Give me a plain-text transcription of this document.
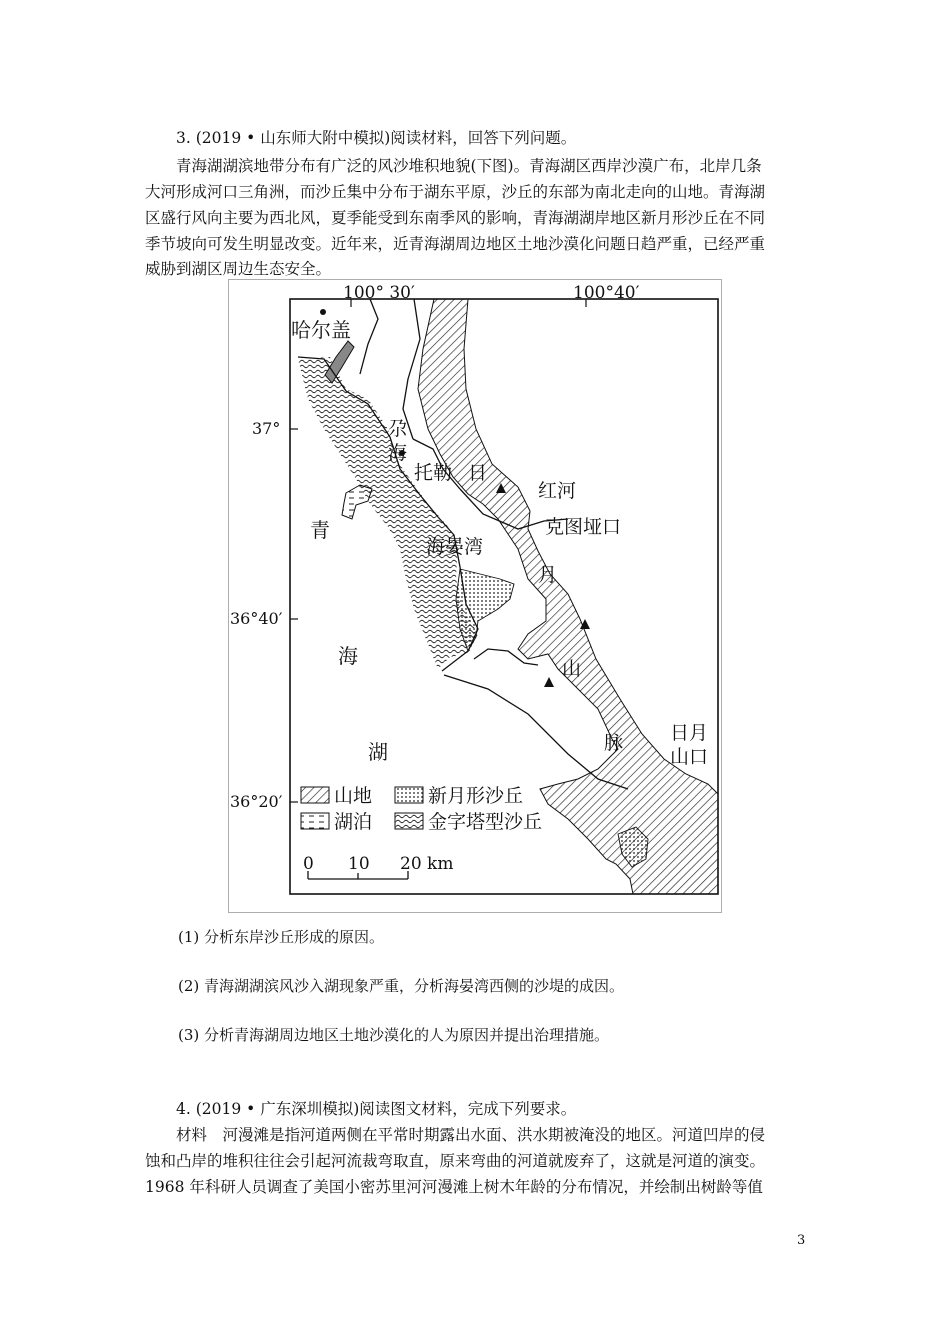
3. (2019 • 山东师大附中模拟)阅读材料，回答下列问题。
青海湖湖滨地带分布有广泛的风沙堆积地貌(下图)。青海湖区西岸沙漠广布，北岸几条
大河形成河口三角洲，而沙丘集中分布于湖东平原，沙丘的东部为南北走向的山地。青海湖
区盛行风向主要为西北风，夏季能受到东南季风的影响，青海湖湖岸地区新月形沙丘在不同
季节坡向可发生明显改变。近年来，近青海湖周边地区土地沙漠化问题日趋严重，已经严重
威胁到湖区周边生态安全。
100° 30′	100°40′
37°
36°40′
36°20′
哈尔盖
尕
海
托勒 日
红河
克图垭口
海晏湾
月
山
脉 日月
山口
青
海
湖
山地	新月形沙丘
湖泊	金字塔型沙丘
0 10 20 km
(1) 分析东岸沙丘形成的原因。
(2) 青海湖湖滨风沙入湖现象严重，分析海晏湾西侧的沙堤的成因。
(3) 分析青海湖周边地区土地沙漠化的人为原因并提出治理措施。
4. (2019 • 广东深圳模拟)阅读图文材料，完成下列要求。
材料　河漫滩是指河道两侧在平常时期露出水面、洪水期被淹没的地区。河道凹岸的侵
蚀和凸岸的堆积往往会引起河流裁弯取直，原来弯曲的河道就废弃了，这就是河道的演变。
1968 年科研人员调查了美国小密苏里河河漫滩上树木年龄的分布情况，并绘制出树龄等值
3
